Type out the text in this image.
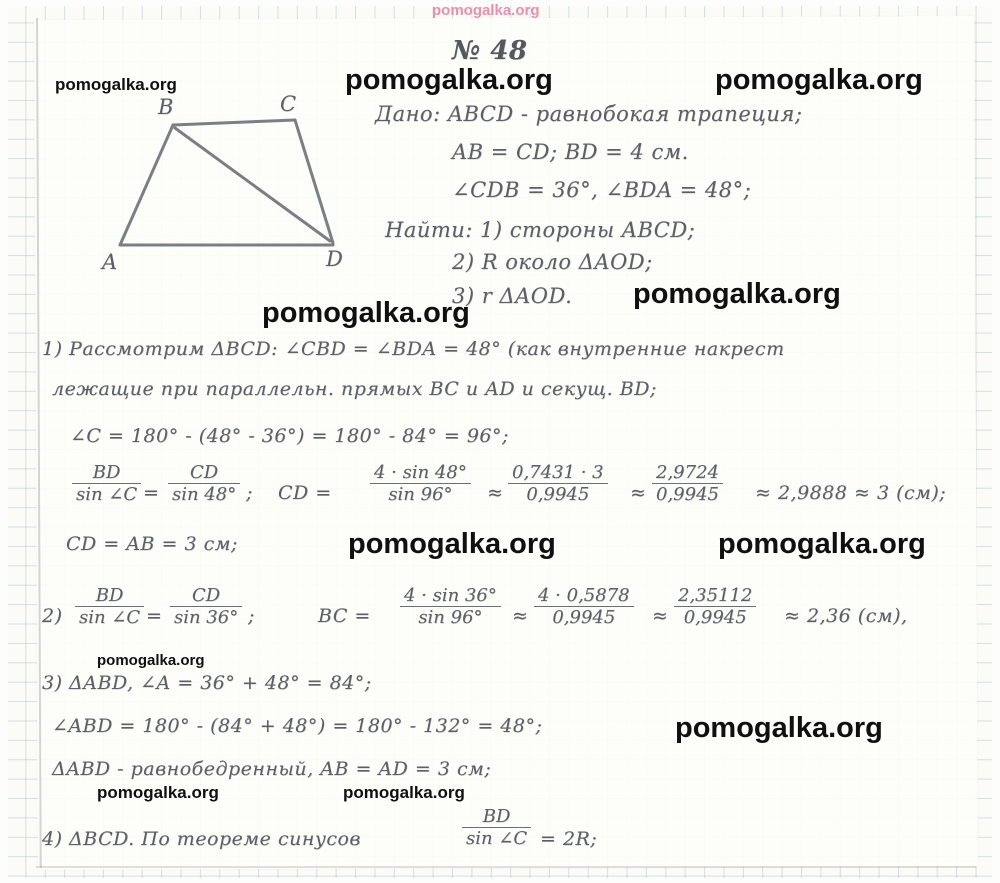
№ 48
B	C
A	D
Дано: ABCD - равнобокая трапеция;
AB = CD; BD = 4 см.
∠CDB = 36°, ∠BDA = 48°;
Найти: 1) стороны ABCD;
2) R около ΔAOD;
3) r ΔAOD.
1) Рассмотрим ΔBCD: ∠CBD = ∠BDA = 48° (как внутренние накрест
лежащие при параллельн. прямых BC и AD и секущ. BD;
∠C = 180° - (48° - 36°) = 180° - 84° = 96°;
$\frac{BD}{\sin \angle C} = \frac{CD}{\sin 48^\circ}$ ; CD = $\frac{4 \cdot \sin 48^\circ}{\sin 96^\circ} \approx \frac{0,7431 \cdot 3}{0,9945} \approx \frac{2,9724}{0,9945} \approx 2,9888 \approx 3$ (см);
CD = AB = 3 см;
$2) \frac{BD}{\sin \angle C} = \frac{CD}{\sin 36^\circ}$ ;	BC = $\frac{4 \cdot \sin 36^\circ}{\sin 96^\circ} \approx \frac{4 \cdot 0,5878}{0,9945} \approx \frac{2,35112}{0,9945} \approx 2,36$ (см),
3) ΔABD, ∠A = 36° + 48° = 84°;
∠ABD = 180° - (84° + 48°) = 180° - 132° = 48°;
ΔABD - равнобедренный, AB = AD = 3 см;
4) ΔBCD. По теореме синусов	$\frac{BD}{\sin \angle C} = 2R$;
pomogalka.org
pomogalka.org	pomogalka.org	pomogalka.org
pomogalka.org
pomogalka.org
pomogalka.org	pomogalka.org
pomogalka.org
pomogalka.org
pomogalka.org	pomogalka.org
